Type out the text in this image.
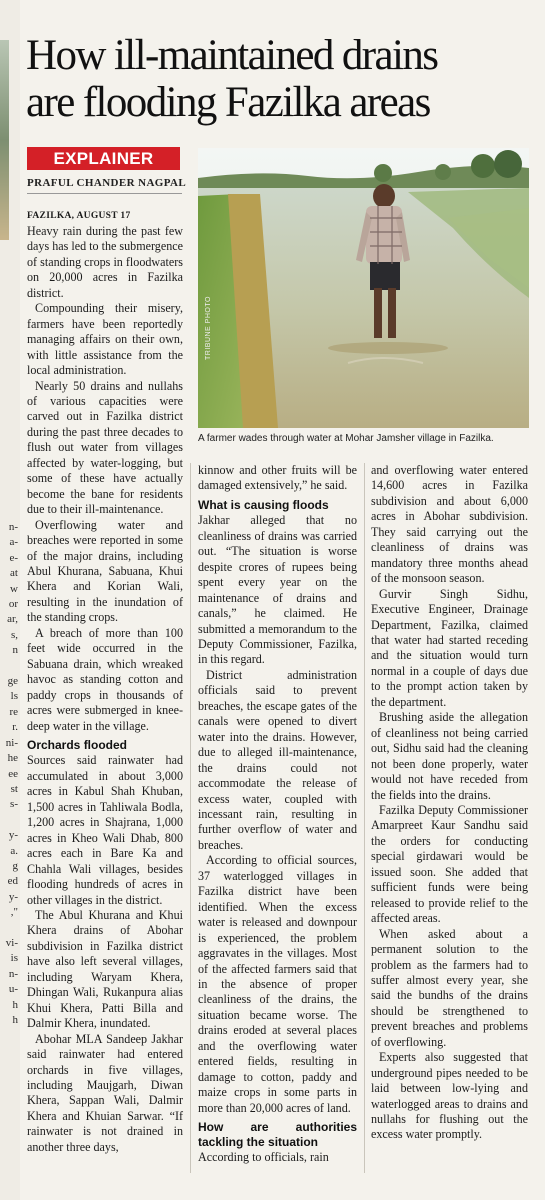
n-
a-
e-
at
w
or
ar,
s,
n

ge
ls
re
r.
ni-
he
ee
st
s-

y-
a.
g
ed
y-
,"

vi-
is
n-
u-
h
h
How ill-maintained drains
are flooding Fazilka areas
EXPLAINER
PRAFUL CHANDER NAGPAL
TRIBUNE PHOTO
A farmer wades through water at Mohar Jamsher village in Fazilka.

FAZILKA, AUGUST 17

Heavy rain during the past few days has led to the submergence of standing crops in floodwaters on 20,000 acres in Fazilka district.

Compounding their misery, farmers have been reportedly managing affairs on their own, with little assistance from the local administration.

Nearly 50 drains and nullahs of various capacities were carved out in Fazilka district during the past three decades to flush out water from villages affected by water-logging, but some of these have actually become the bane for residents due to their ill-maintenance.

Overflowing water and breaches were reported in some of the major drains, including Abul Khurana, Sabuana, Khui Khera and Korian Wali, resulting in the inundation of the standing crops.

A breach of more than 100 feet wide occurred in the Sabuana drain, which wreaked havoc as standing cotton and paddy crops in thousands of acres were submerged in knee-deep water in the village.

Orchards flooded

Sources said rainwater had accumulated in about 3,000 acres in Kabul Shah Khuban, 1,500 acres in Tahliwala Bodla, 1,200 acres in Shajrana, 1,000 acres in Kheo Wali Dhab, 800 acres each in Bare Ka and Chahla Wali villages, besides flooding hundreds of acres in other villages in the district.

The Abul Khurana and Khui Khera drains of Abohar subdivision in Fazilka district have also left several villages, including Waryam Khera, Dhingan Wali, Rukanpura alias Khui Khera, Patti Billa and Dalmir Khera, inundated.

Abohar MLA Sandeep Jakhar said rainwater had entered orchards in five villages, including Maujgarh, Diwan Khera, Sappan Wali, Dalmir Khera and Khuian Sarwar. “If rainwater is not drained in another three days,

kinnow and other fruits will be damaged extensively,” he said.

What is causing floods

Jakhar alleged that no cleanliness of drains was carried out. “The situation is worse despite crores of rupees being spent every year on the maintenance of drains and canals,” he claimed. He submitted a memorandum to the Deputy Commissioner, Fazilka, in this regard.

District administration officials said to prevent breaches, the escape gates of the canals were opened to divert water into the drains. However, due to alleged ill-maintenance, the drains could not accommodate the release of excess water, coupled with incessant rain, resulting in further overflow of water and breaches.

According to official sources, 37 waterlogged villages in Fazilka district have been identified. When the excess water is released and downpour is experienced, the problem aggravates in the villages. Most of the affected farmers said that in the absence of proper cleanliness of the drains, the situation became worse. The drains eroded at several places and the overflowing water entered fields, resulting in damage to cotton, paddy and maize crops in some parts in more than 20,000 acres of land.

How are authorities tackling the situation

According to officials, rain

and overflowing water entered 14,600 acres in Fazilka subdivision and about 6,000 acres in Abohar subdivision. They said carrying out the cleanliness of drains was mandatory three months ahead of the monsoon season.

Gurvir Singh Sidhu, Executive Engineer, Drainage Department, Fazilka, claimed that water had started receding and the situation would turn normal in a couple of days due to the prompt action taken by the department.

Brushing aside the allegation of cleanliness not being carried out, Sidhu said had the cleaning not been done properly, water would not have receded from the fields into the drains.

Fazilka Deputy Commissioner Amarpreet Kaur Sandhu said the orders for conducting special girdawari would be issued soon. She added that sufficient funds were being released to provide relief to the affected areas.

When asked about a permanent solution to the problem as the farmers had to suffer almost every year, she said the bundhs of the drains should be strengthened to prevent breaches and problems of overflowing.

Experts also suggested that underground pipes needed to be laid between low-lying and waterlogged areas to drains and nullahs for flushing out the excess water promptly.
